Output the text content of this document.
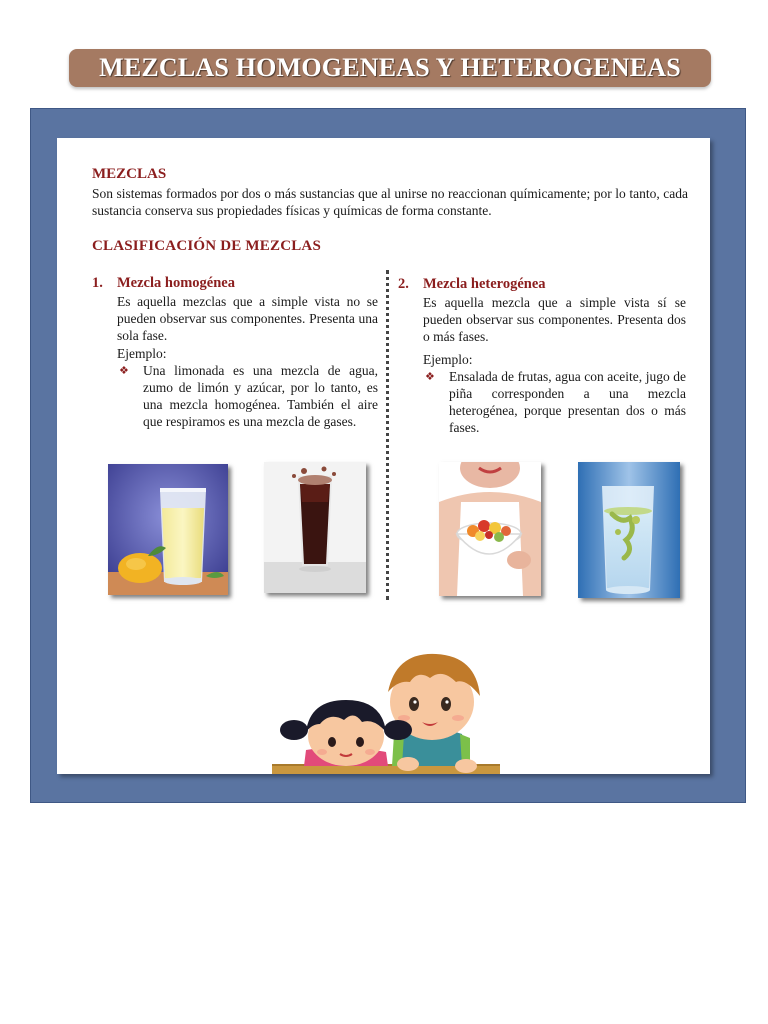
MEZCLAS HOMOGENEAS Y HETEROGENEAS
MEZCLAS
Son sistemas formados por dos o más sustancias que al unirse no reaccionan químicamente; por lo tanto, cada sustancia conserva sus propiedades físicas y químicas de forma constante.
CLASIFICACIÓN DE MEZCLAS
1. Mezcla homogénea
Es aquella mezclas que a simple vista no se pueden observar sus componentes. Presenta una sola fase.
Ejemplo:
❖ Una limonada es una mezcla de agua, zumo de limón y azúcar, por lo tanto, es una mezcla homogénea. También el aire que respiramos es una mezcla de gases.
2. Mezcla heterogénea
Es aquella mezcla que a simple vista sí se pueden observar sus componentes. Presenta dos o más fases.
Ejemplo:
❖ Ensalada de frutas, agua con aceite, jugo de piña corresponden a una mezcla heterogénea, porque presentan dos o más fases.
